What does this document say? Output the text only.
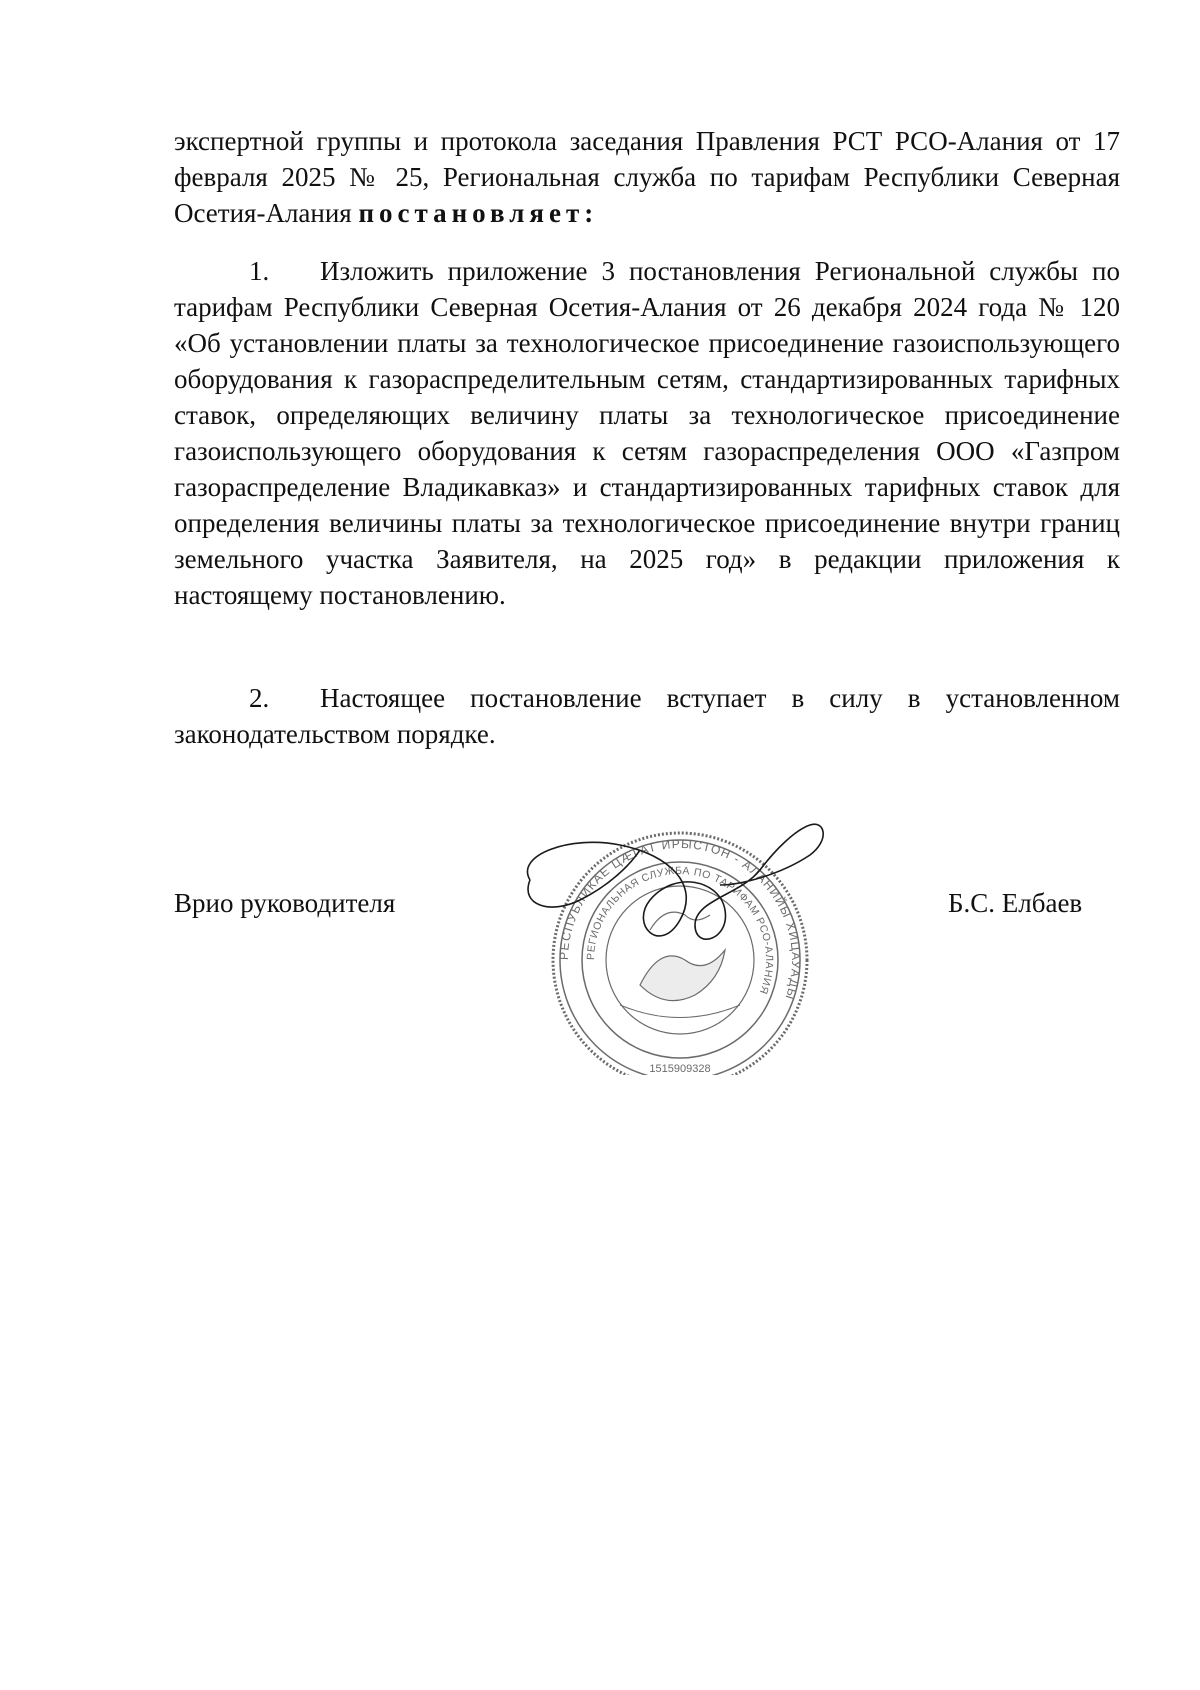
экспертной группы и протокола заседания Правления РСТ РСО-Алания от 17 февраля 2025 № 25, Региональная служба по тарифам Республики Северная Осетия-Алания постановляет:

1. Изложить приложение 3 постановления Региональной службы по тарифам Республики Северная Осетия-Алания от 26 декабря 2024 года № 120 «Об установлении платы за технологическое присоединение газоиспользующего оборудования к газораспределительным сетям, стандартизированных тарифных ставок, определяющих величину платы за технологическое присоединение газоиспользующего оборудования к сетям газораспределения ООО «Газпром газораспределение Владикавказ» и стандартизированных тарифных ставок для определения величины платы за технологическое присоединение внутри границ земельного участка Заявителя, на 2025 год» в редакции приложения к настоящему постановлению.

2. Настоящее постановление вступает в силу в установленном законодательством порядке.

Врио руководителя	Б.С. Елбаев
РЕСПУБЛИКАЕ ЦÆГАТ ИРЫСТОН - АЛАНИЙЫ ХИЦАУАДЫ
РЕГИОНАЛЬНАЯ СЛУЖБА ПО ТАРИФАМ РСО-АЛАНИЯ
1515909328
